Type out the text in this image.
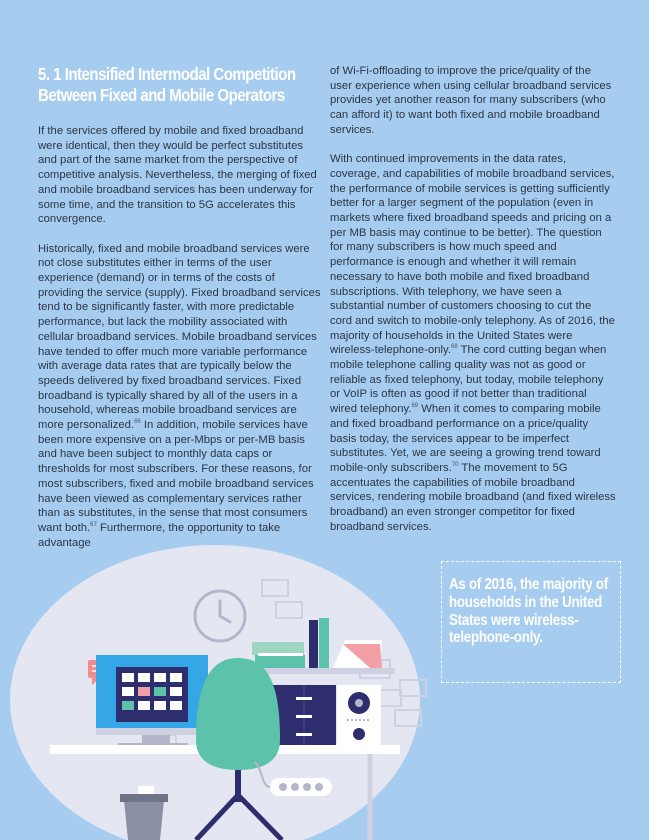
5. 1 Intensified Intermodal Competition
Between Fixed and Mobile Operators

If the services offered by mobile and fixed broadband were identical, then they would be perfect substitutes and part of the same market from the perspective of competitive analysis. Nevertheless, the merging of fixed and mobile broadband services has been underway for some time, and the transition to 5G accelerates this convergence.

Historically, fixed and mobile broadband services were not close substitutes either in terms of the user experience (demand) or in terms of the costs of providing the service (supply). Fixed broadband services tend to be significantly faster, with more predictable performance, but lack the mobility associated with cellular broadband services. Mobile broadband services have tended to offer much more variable performance with average data rates that are typically below the speeds delivered by fixed broadband services. Fixed broadband is typically shared by all of the users in a household, whereas mobile broadband services are more personalized.$^{66}$ In addition, mobile services have been more expensive on a per-Mbps or per-MB basis and have been subject to monthly data caps or thresholds for most subscribers. For these reasons, for most subscribers, fixed and mobile broadband services have been viewed as complementary services rather than as substitutes, in the sense that most consumers want both.$^{67}$ Furthermore, the opportunity to take advantage

of Wi-Fi-offloading to improve the price/quality of the user experience when using cellular broadband services provides yet another reason for many subscribers (who can afford it) to want both fixed and mobile broadband services.

With continued improvements in the data rates, coverage, and capabilities of mobile broadband services, the performance of mobile services is getting sufficiently better for a larger segment of the population (even in markets where fixed broadband speeds and pricing on a per MB basis may continue to be better). The question for many subscribers is how much speed and performance is enough and whether it will remain necessary to have both mobile and fixed broadband subscriptions. With telephony, we have seen a substantial number of customers choosing to cut the cord and switch to mobile-only telephony. As of 2016, the majority of households in the United States were wireless-telephone-only.$^{68}$ The cord cutting began when mobile telephone calling quality was not as good or reliable as fixed telephony, but today, mobile telephony or VoIP is often as good if not better than traditional wired telephony.$^{69}$ When it comes to comparing mobile and fixed broadband performance on a price/quality basis today, the services appear to be imperfect substitutes. Yet, we are seeing a growing trend toward mobile-only subscribers.$^{70}$ The movement to 5G accentuates the capabilities of mobile broadband services, rendering mobile broadband (and fixed wireless broadband) an even stronger competitor for fixed broadband services.

As of 2016, the majority of households in the United States were wireless-telephone-only.
